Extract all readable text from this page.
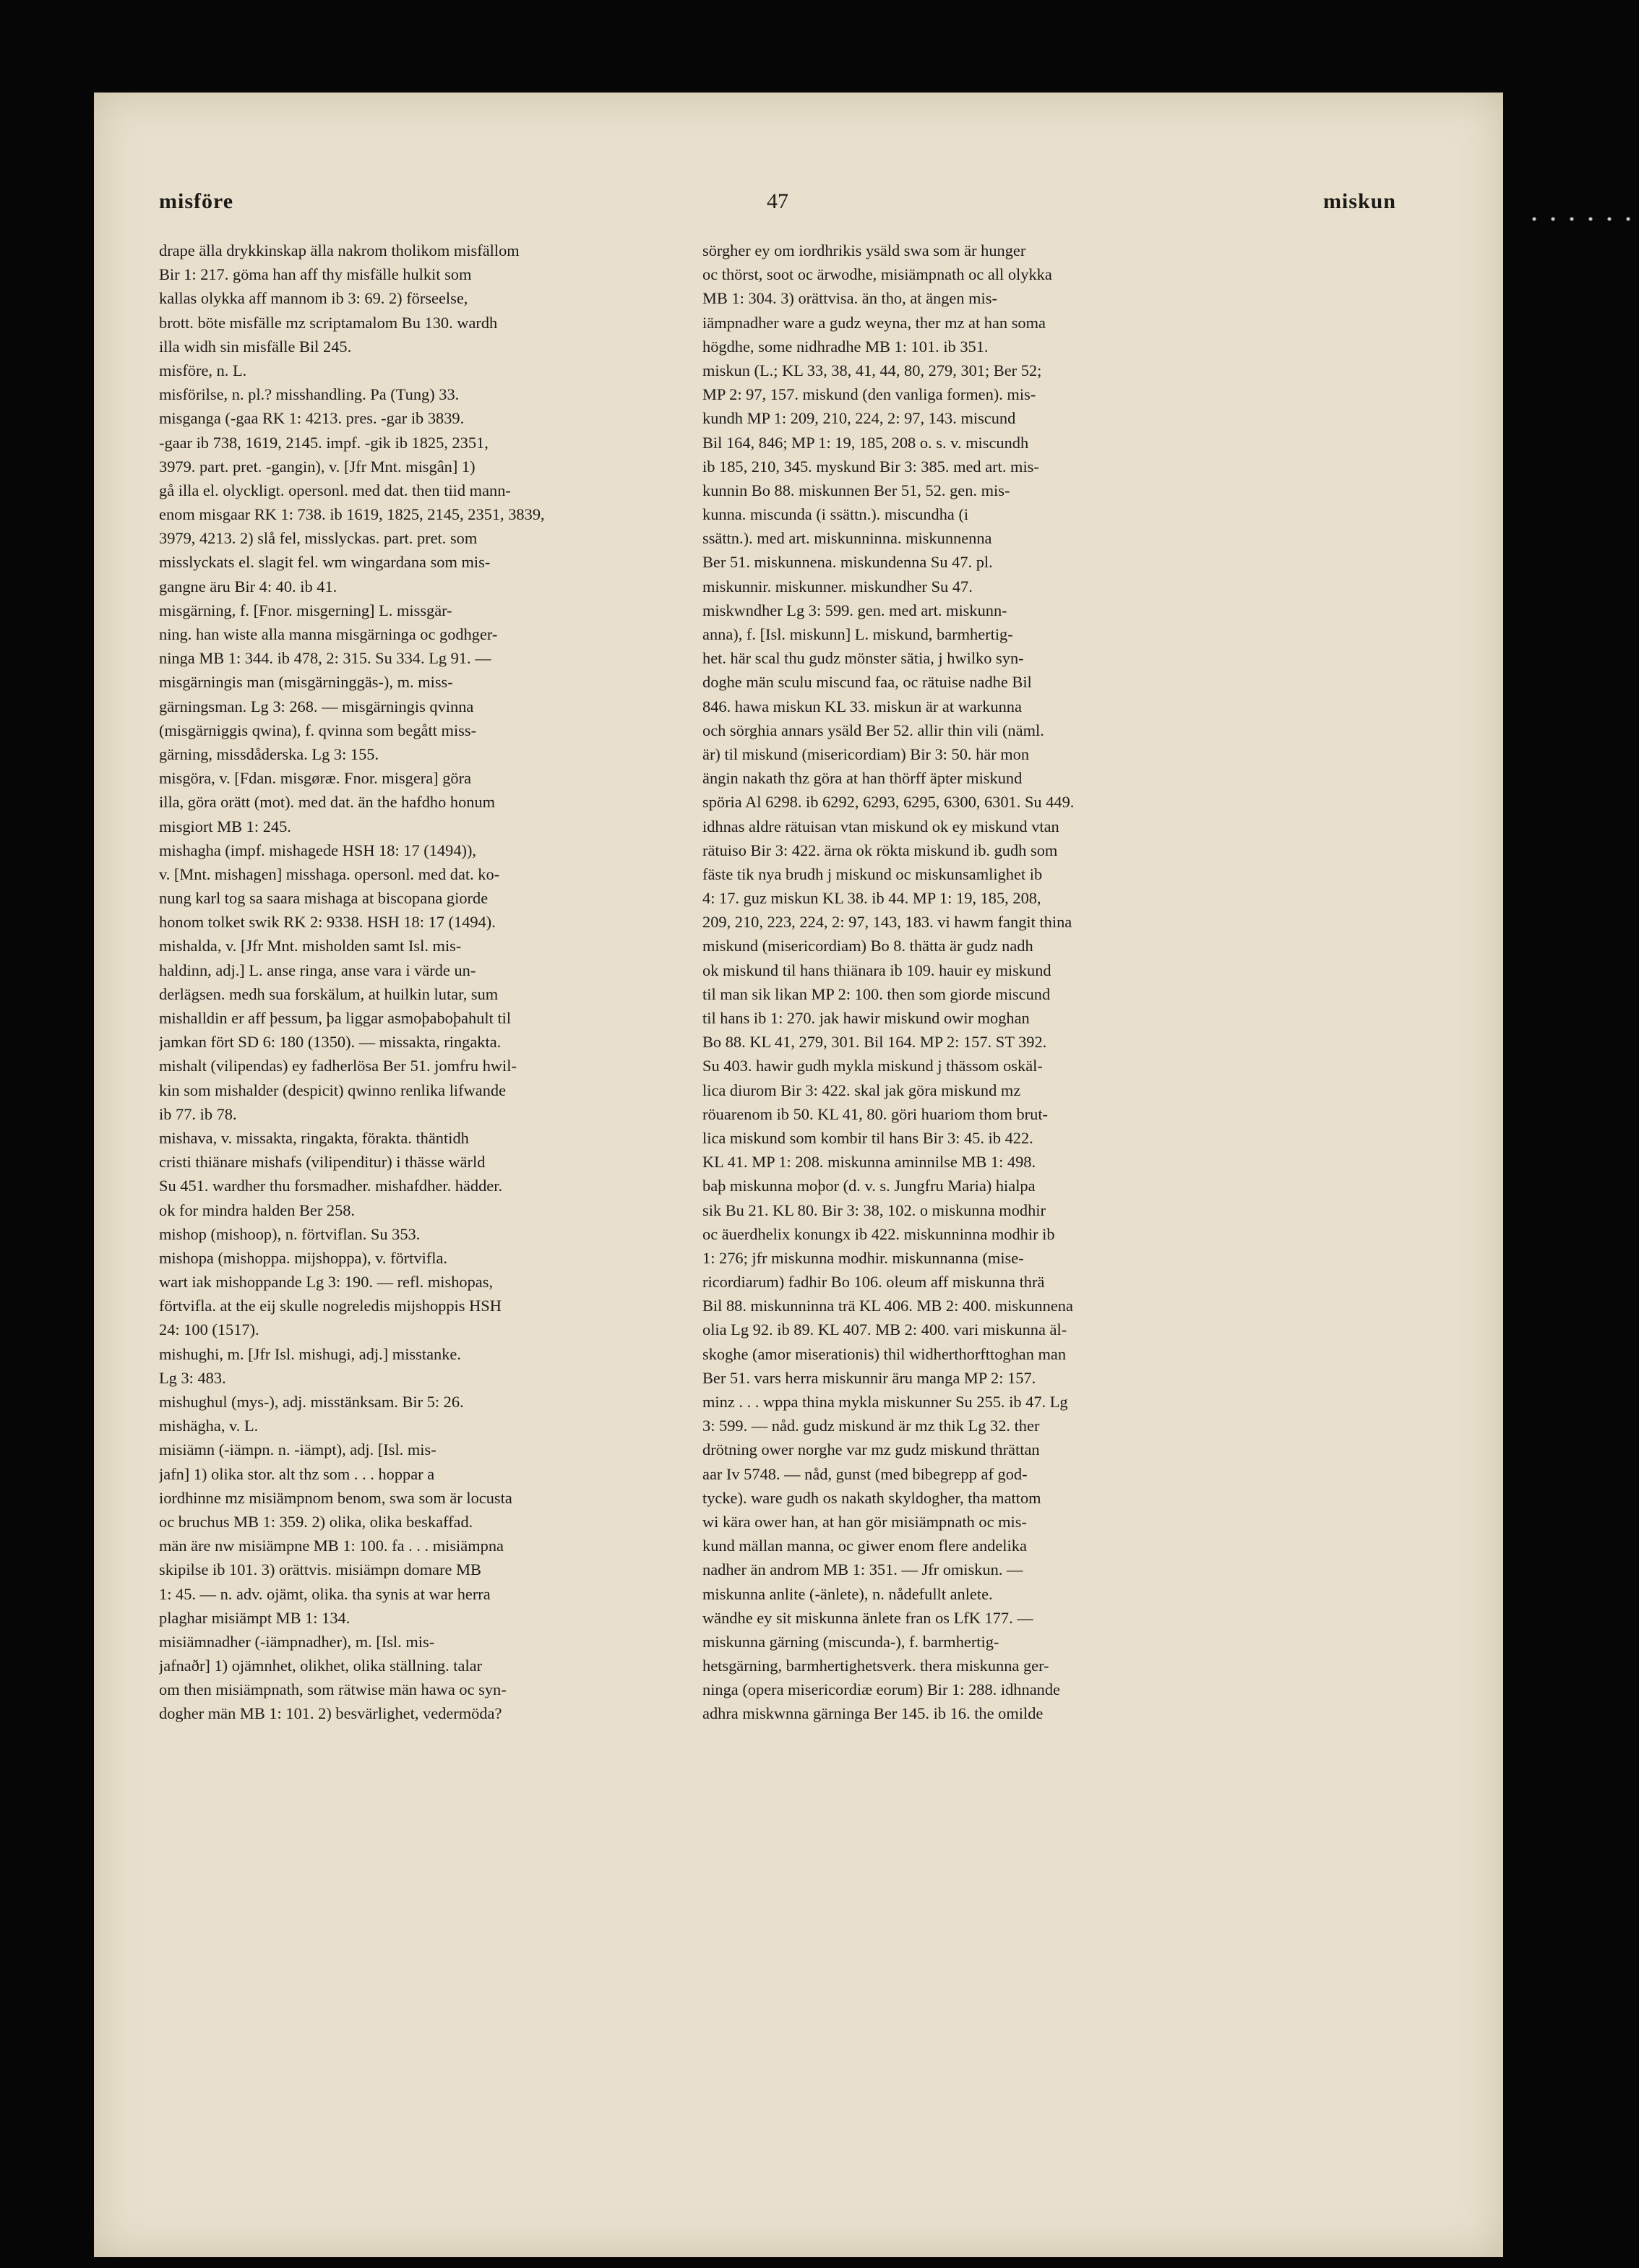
misföre	47	miskun
drape älla drykkinskap älla nakrom tholikom misfällom
Bir 1: 217. göma han aff thy misfälle hulkit som
kallas olykka aff mannom ib 3: 69. 2) förseelse,
brott. böte misfälle mz scriptamalom Bu 130. wardh
illa widh sin misfälle Bil 245.
misföre, n. L.
misförilse, n. pl.? misshandling. Pa (Tung) 33.
misganga (-gaa RK 1: 4213. pres. -gar ib 3839.
-gaar ib 738, 1619, 2145. impf. -gik ib 1825, 2351,
3979. part. pret. -gangin), v. [Jfr Mnt. misgân] 1)
gå illa el. olyckligt. opersonl. med dat. then tiid mann-
enom misgaar RK 1: 738. ib 1619, 1825, 2145, 2351, 3839,
3979, 4213. 2) slå fel, misslyckas. part. pret. som
misslyckats el. slagit fel. wm wingardana som mis-
gangne äru Bir 4: 40. ib 41.
misgärning, f. [Fnor. misgerning] L. missgär-
ning. han wiste alla manna misgärninga oc godhger-
ninga MB 1: 344. ib 478, 2: 315. Su 334. Lg 91. —
misgärningis man (misgärninggäs-), m. miss-
gärningsman. Lg 3: 268. — misgärningis qvinna
(misgärniggis qwina), f. qvinna som begått miss-
gärning, missdåderska. Lg 3: 155.
misgöra, v. [Fdan. misgøræ. Fnor. misgera] göra
illa, göra orätt (mot). med dat. än the hafdho honum
misgiort MB 1: 245.
mishagha (impf. mishagede HSH 18: 17 (1494)),
v. [Mnt. mishagen] misshaga. opersonl. med dat. ko-
nung karl tog sa saara mishaga at biscopana giorde
honom tolket swik RK 2: 9338. HSH 18: 17 (1494).
mishalda, v. [Jfr Mnt. misholden samt Isl. mis-
haldinn, adj.] L. anse ringa, anse vara i värde un-
derlägsen. medh sua forskälum, at huilkin lutar, sum
mishalldin er aff þessum, þa liggar asmoþaboþahult til
jamkan fört SD 6: 180 (1350). — missakta, ringakta.
mishalt (vilipendas) ey fadherlösa Ber 51. jomfru hwil-
kin som mishalder (despicit) qwinno renlika lifwande
ib 77. ib 78.
mishava, v. missakta, ringakta, förakta. thäntidh
cristi thiänare mishafs (vilipenditur) i thässe wärld
Su 451. wardher thu forsmadher. mishafdher. hädder.
ok for mindra halden Ber 258.
mishop (mishoop), n. förtviflan. Su 353.
mishopa (mishoppa. mijshoppa), v. förtvifla.
wart iak mishoppande Lg 3: 190. — refl. mishopas,
förtvifla. at the eij skulle nogreledis mijshoppis HSH
24: 100 (1517).
mishughi, m. [Jfr Isl. mishugi, adj.] misstanke.
Lg 3: 483.
mishughul (mys-), adj. misstänksam. Bir 5: 26.
mishägha, v. L.
misiämn (-iämpn. n. -iämpt), adj. [Isl. mis-
jafn] 1) olika stor. alt thz som . . . hoppar a
iordhinne mz misiämpnom benom, swa som är locusta
oc bruchus MB 1: 359. 2) olika, olika beskaffad.
män äre nw misiämpne MB 1: 100. fa . . . misiämpna
skipilse ib 101. 3) orättvis. misiämpn domare MB
1: 45. — n. adv. ojämt, olika. tha synis at war herra
plaghar misiämpt MB 1: 134.
misiämnadher (-iämpnadher), m. [Isl. mis-
jafnaðr] 1) ojämnhet, olikhet, olika ställning. talar
om then misiämpnath, som rätwise män hawa oc syn-
dogher män MB 1: 101. 2) besvärlighet, vedermöda?
sörgher ey om iordhrikis ysäld swa som är hunger
oc thörst, soot oc ärwodhe, misiämpnath oc all olykka
MB 1: 304. 3) orättvisa. än tho, at ängen mis-
iämpnadher ware a gudz weyna, ther mz at han soma
högdhe, some nidhradhe MB 1: 101. ib 351.
miskun (L.; KL 33, 38, 41, 44, 80, 279, 301; Ber 52;
MP 2: 97, 157. miskund (den vanliga formen). mis-
kundh MP 1: 209, 210, 224, 2: 97, 143. miscund
Bil 164, 846; MP 1: 19, 185, 208 o. s. v. miscundh
ib 185, 210, 345. myskund Bir 3: 385. med art. mis-
kunnin Bo 88. miskunnen Ber 51, 52. gen. mis-
kunna. miscunda (i ssättn.). miscundha (i
ssättn.). med art. miskunninna. miskunnenna
Ber 51. miskunnena. miskundenna Su 47. pl.
miskunnir. miskunner. miskundher Su 47.
miskwndher Lg 3: 599. gen. med art. miskunn-
anna), f. [Isl. miskunn] L. miskund, barmhertig-
het. här scal thu gudz mönster sätia, j hwilko syn-
doghe män sculu miscund faa, oc rätuise nadhe Bil
846. hawa miskun KL 33. miskun är at warkunna
och sörghia annars ysäld Ber 52. allir thin vili (näml.
är) til miskund (misericordiam) Bir 3: 50. här mon
ängin nakath thz göra at han thörff äpter miskund
spöria Al 6298. ib 6292, 6293, 6295, 6300, 6301. Su 449.
idhnas aldre rätuisan vtan miskund ok ey miskund vtan
rätuiso Bir 3: 422. ärna ok rökta miskund ib. gudh som
fäste tik nya brudh j miskund oc miskunsamlighet ib
4: 17. guz miskun KL 38. ib 44. MP 1: 19, 185, 208,
209, 210, 223, 224, 2: 97, 143, 183. vi hawm fangit thina
miskund (misericordiam) Bo 8. thätta är gudz nadh
ok miskund til hans thiänara ib 109. hauir ey miskund
til man sik likan MP 2: 100. then som giorde miscund
til hans ib 1: 270. jak hawir miskund owir moghan
Bo 88. KL 41, 279, 301. Bil 164. MP 2: 157. ST 392.
Su 403. hawir gudh mykla miskund j thässom oskäl-
lica diurom Bir 3: 422. skal jak göra miskund mz
röuarenom ib 50. KL 41, 80. göri huariom thom brut-
lica miskund som kombir til hans Bir 3: 45. ib 422.
KL 41. MP 1: 208. miskunna aminnilse MB 1: 498.
baþ miskunna moþor (d. v. s. Jungfru Maria) hialpa
sik Bu 21. KL 80. Bir 3: 38, 102. o miskunna modhir
oc äuerdhelix konungx ib 422. miskunninna modhir ib
1: 276; jfr miskunna modhir. miskunnanna (mise-
ricordiarum) fadhir Bo 106. oleum aff miskunna thrä
Bil 88. miskunninna trä KL 406. MB 2: 400. miskunnena
olia Lg 92. ib 89. KL 407. MB 2: 400. vari miskunna äl-
skoghe (amor miserationis) thil widherthorfttoghan man
Ber 51. vars herra miskunnir äru manga MP 2: 157.
minz . . . wppa thina mykla miskunner Su 255. ib 47. Lg
3: 599. — nåd. gudz miskund är mz thik Lg 32. ther
drötning ower norghe var mz gudz miskund thrättan
aar Iv 5748. — nåd, gunst (med bibegrepp af god-
tycke). ware gudh os nakath skyldogher, tha mattom
wi kära ower han, at han gör misiämpnath oc mis-
kund mällan manna, oc giwer enom flere andelika
nadher än androm MB 1: 351. — Jfr omiskun. —
miskunna anlite (-änlete), n. nådefullt anlete.
wändhe ey sit miskunna änlete fran os LfK 177. —
miskunna gärning (miscunda-), f. barmhertig-
hetsgärning, barmhertighetsverk. thera miskunna ger-
ninga (opera misericordiæ eorum) Bir 1: 288. idhnande
adhra miskwnna gärninga Ber 145. ib 16. the omilde
